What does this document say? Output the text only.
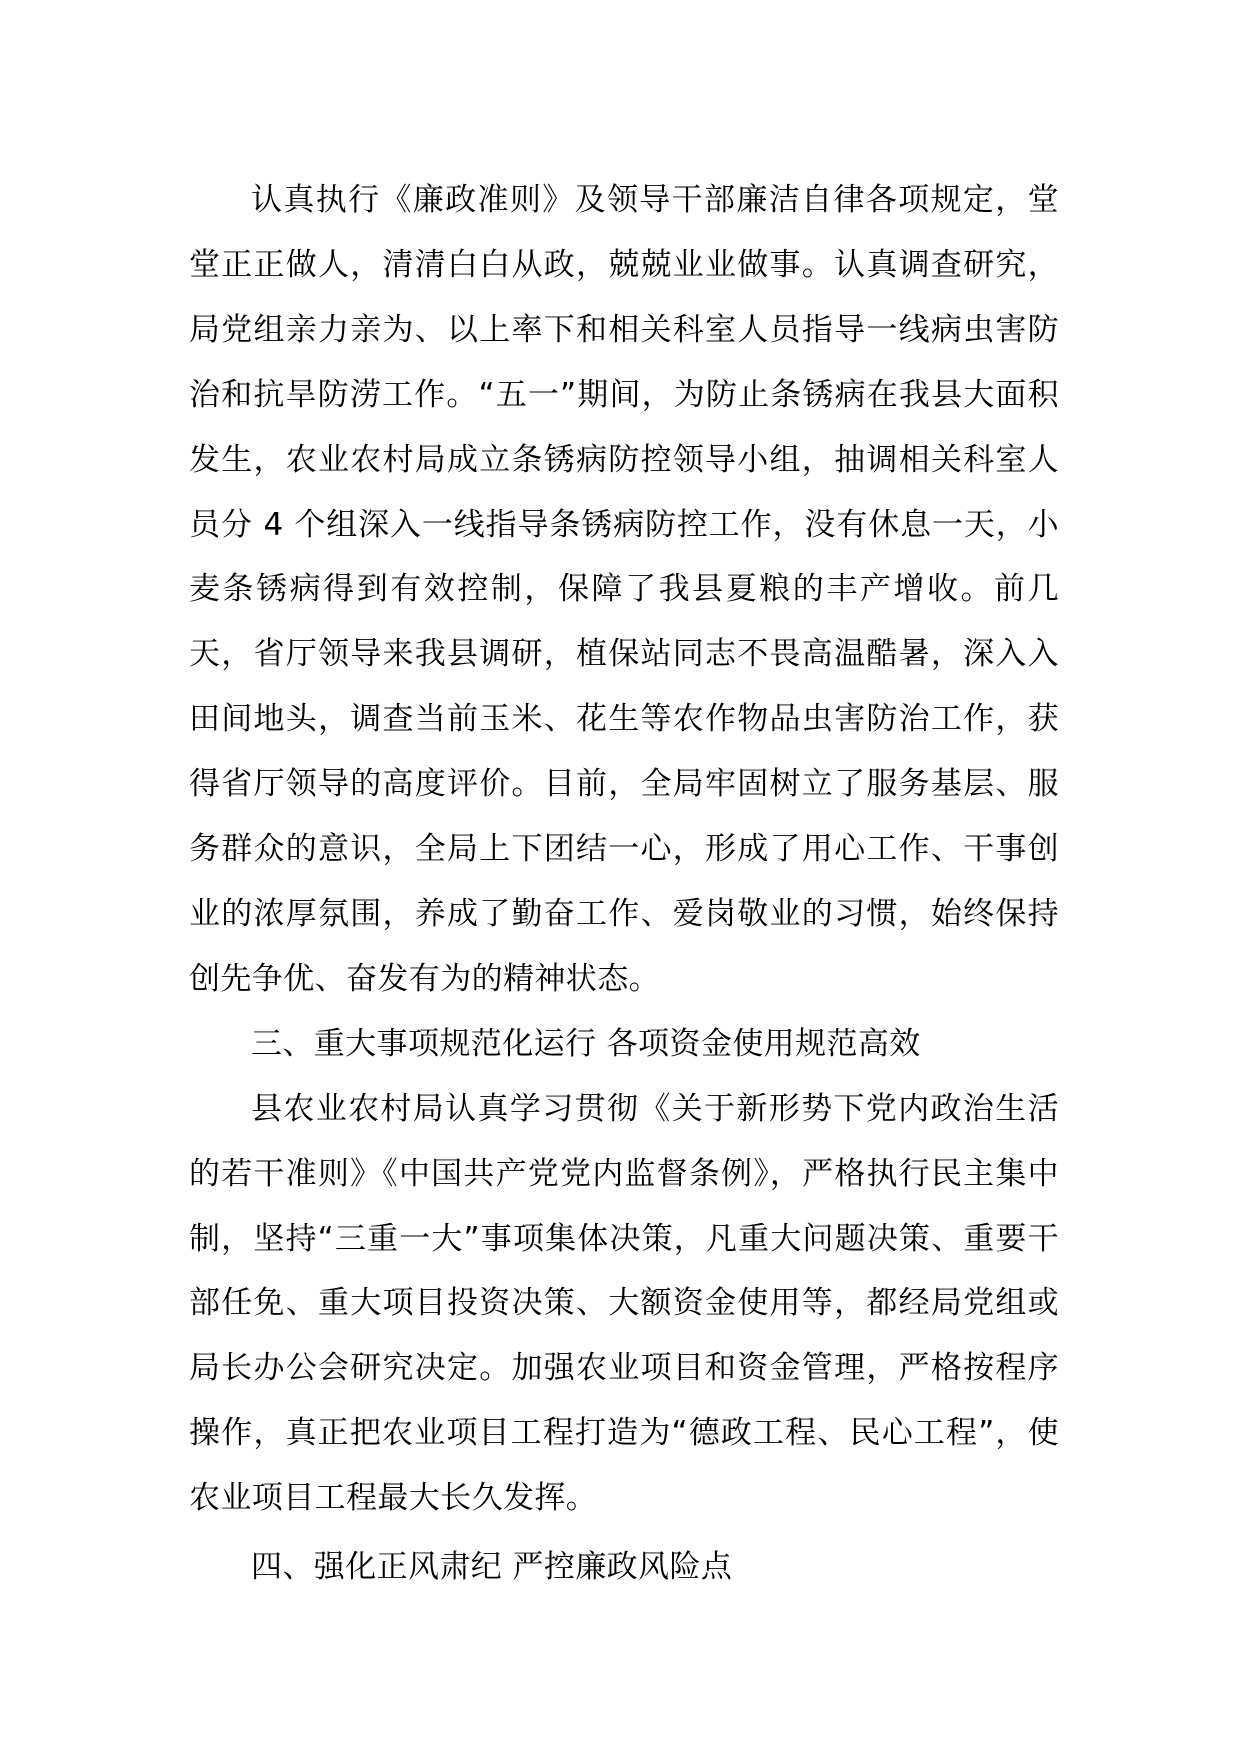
认真执行《廉政准则》及领导干部廉洁自律各项规定，堂堂正正做人，清清白白从政，兢兢业业做事。认真调查研究，局党组亲力亲为、以上率下和相关科室人员指导一线病虫害防治和抗旱防涝工作。“五一”期间，为防止条锈病在我县大面积发生，农业农村局成立条锈病防控领导小组，抽调相关科室人员分 4 个组深入一线指导条锈病防控工作，没有休息一天，小麦条锈病得到有效控制，保障了我县夏粮的丰产增收。前几天，省厅领导来我县调研，植保站同志不畏高温酷暑，深入入田间地头，调查当前玉米、花生等农作物品虫害防治工作，获得省厅领导的高度评价。目前，全局牢固树立了服务基层、服务群众的意识，全局上下团结一心，形成了用心工作、干事创业的浓厚氛围，养成了勤奋工作、爱岗敬业的习惯，始终保持创先争优、奋发有为的精神状态。

三、重大事项规范化运行 各项资金使用规范高效

县农业农村局认真学习贯彻《关于新形势下党内政治生活的若干准则》《中国共产党党内监督条例》，严格执行民主集中制，坚持“三重一大”事项集体决策，凡重大问题决策、重要干部任免、重大项目投资决策、大额资金使用等，都经局党组或局长办公会研究决定。加强农业项目和资金管理，严格按程序操作，真正把农业项目工程打造为“德政工程、民心工程”，使农业项目工程最大长久发挥。

四、强化正风肃纪 严控廉政风险点
